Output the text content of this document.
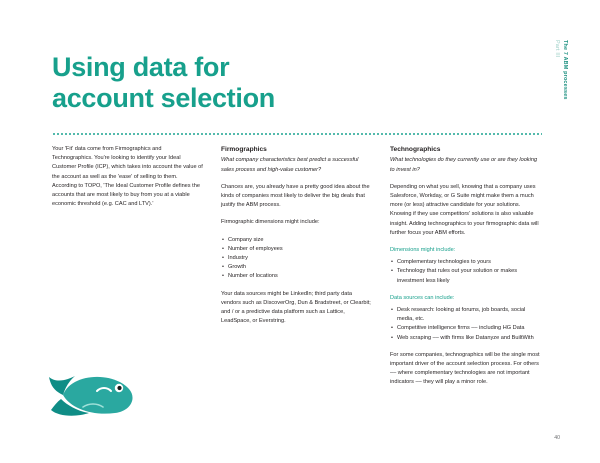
Part III The 7 ABM processes
Using data for
account selection

Your 'Fit' data come from Firmographics and Technographics. You're looking to identify your Ideal Customer Profile (ICP), which takes into account the value of the account as well as the 'ease' of selling to them. According to TOPO, 'The Ideal Customer Profile defines the accounts that are most likely to buy from you at a viable economic threshold (e.g. CAC and LTV).'

Firmographics

What company characteristics best predict a successful sales process and high-value customer?

Chances are, you already have a pretty good idea about the kinds of companies most likely to deliver the big deals that justify the ABM process.

Firmographic dimensions might include:

• Company size
• Number of employees
• Industry
• Growth
• Number of locations

Your data sources might be LinkedIn; third party data vendors such as DiscoverOrg, Dun & Bradstreet, or Clearbit; and / or a predictive data platform such as Lattice, LeadSpace, or Everstring.

Technographics

What technologies do they currently use or are they looking to invest in?

Depending on what you sell, knowing that a company uses Salesforce, Workday, or G Suite might make them a much more (or less) attractive candidate for your solutions. Knowing if they use competitors' solutions is also valuable insight. Adding technographics to your firmographic data will further focus your ABM efforts.

Dimensions might include:

• Complementary technologies to yours
• Technology that rules out your solution or makes investment less likely

Data sources can include:

• Desk research: looking at forums, job boards, social media, etc.
• Competitive intelligence firms –– including HG Data
• Web scraping –– with firms like Datanyze and BuiltWith

For some companies, technographics will be the single most important driver of the account selection process. For others –– where complementary technologies are not important indicators –– they will play a minor role.

40
